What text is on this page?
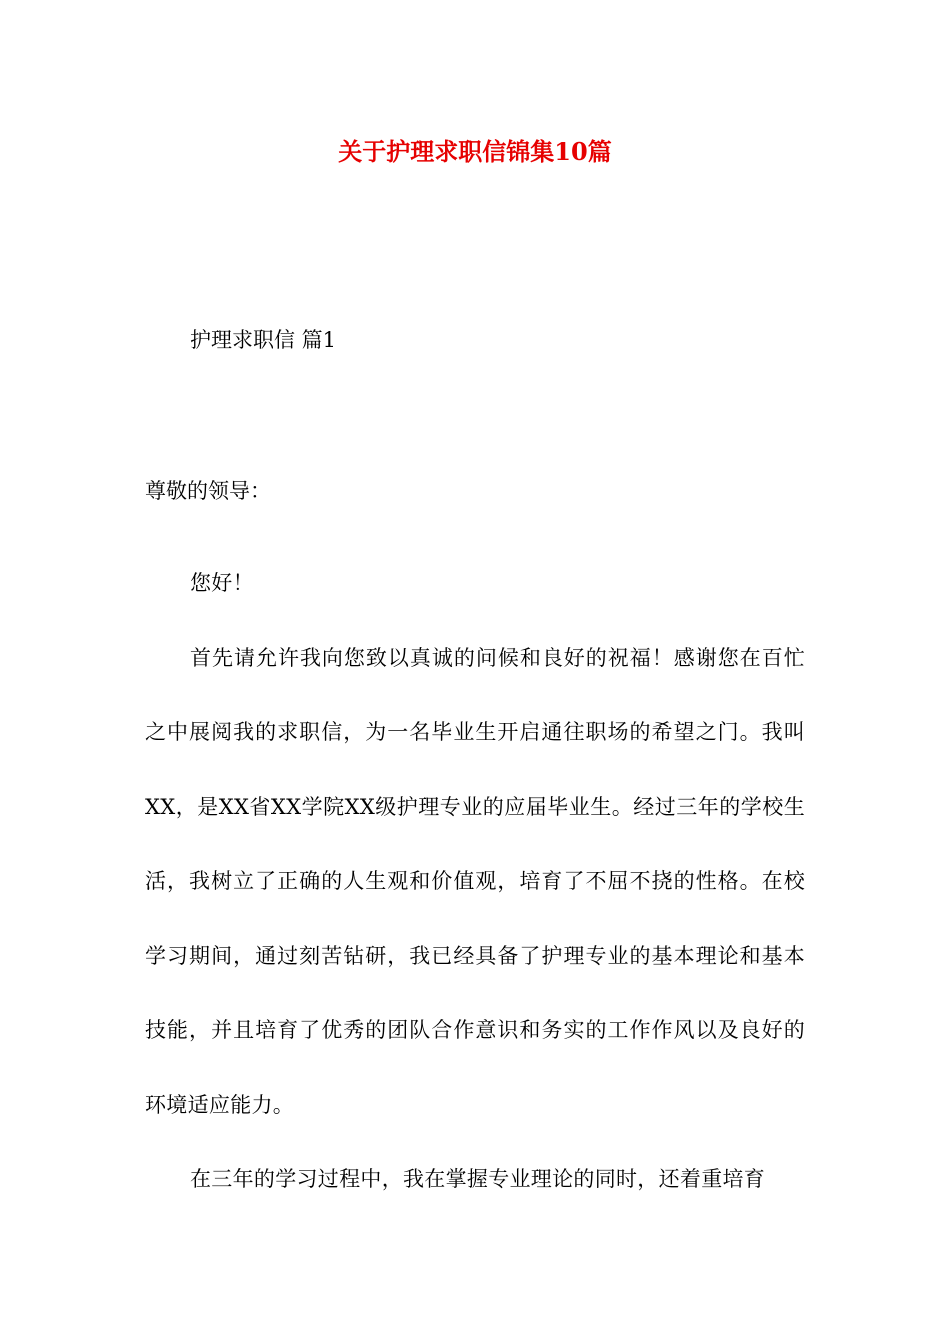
关于护理求职信锦集10篇
护理求职信 篇1
尊敬的领导：

您好！

首先请允许我向您致以真诚的问候和良好的祝福！感谢您在百忙之中展阅我的求职信，为一名毕业生开启通往职场的希望之门。我叫XX，是XX省XX学院XX级护理专业的应届毕业生。经过三年的学校生活，我树立了正确的人生观和价值观，培育了不屈不挠的性格。在校学习期间，通过刻苦钻研，我已经具备了护理专业的基本理论和基本技能，并且培育了优秀的团队合作意识和务实的工作作风以及良好的环境适应能力。

在三年的学习过程中，我在掌握专业理论的同时，还着重培育
